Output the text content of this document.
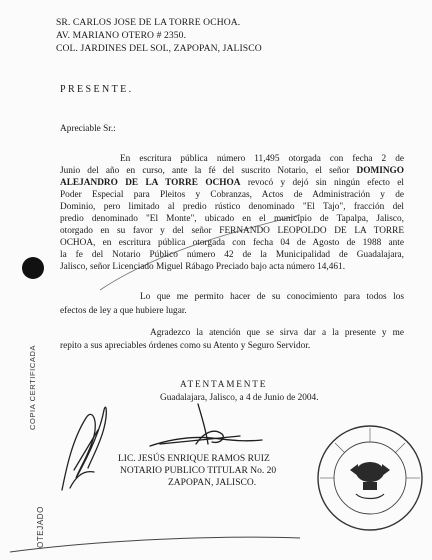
SR. CARLOS JOSE DE LA TORRE OCHOA.
AV. MARIANO OTERO # 2350.
COL. JARDINES DEL SOL, ZAPOPAN, JALISCO
PRESENTE.
Apreciable Sr.:
En escritura pública número 11,495 otorgada con fecha 2 de
Junio del año en curso, ante la fé del suscrito Notario, el señor DOMINGO
ALEJANDRO DE LA TORRE OCHOA revocó y dejó sin ningún efecto el
Poder Especial para Pleitos y Cobranzas, Actos de Administración y de
Dominio, pero limitado al predio rústico denominado "El Tajo", fracción del
predio denominado "El Monte", ubicado en el municipio de Tapalpa, Jalisco,
otorgado en su favor y del señor FERNANDO LEOPOLDO DE LA TORRE
OCHOA, en escritura pública otorgada con fecha 04 de Agosto de 1988 ante
la fe del Notario Público número 42 de la Municipalidad de Guadalajara,
Jalisco, señor Licenciado Miguel Rábago Preciado bajo acta número 14,461.
Lo que me permito hacer de su conocimiento para todos los
efectos de ley a que hubiere lugar.
Agradezco la atención que se sirva dar a la presente y me
repito a sus apreciables órdenes como su Atento y Seguro Servidor.
ATENTAMENTE
Guadalajara, Jalisco, a 4 de Junio de 2004.
LIC. JESÚS ENRIQUE RAMOS RUIZ
NOTARIO PUBLICO TITULAR No. 20
ZAPOPAN, JALISCO.
COPIA CERTIFICADA
OTEJADO
